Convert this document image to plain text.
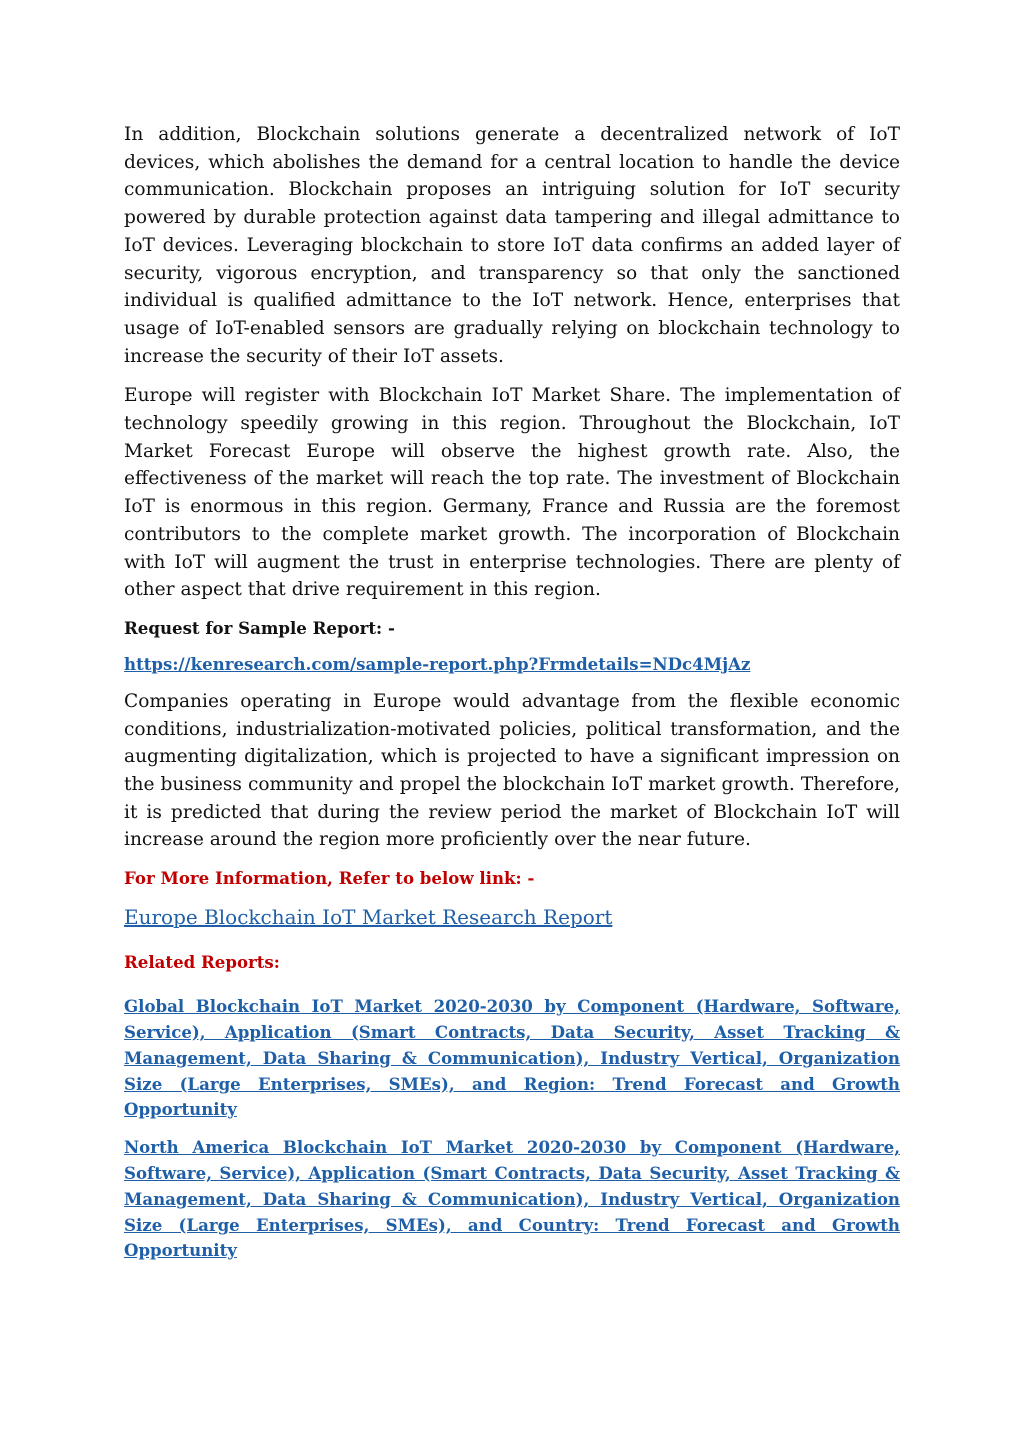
In addition, Blockchain solutions generate a decentralized network of IoT devices, which abolishes the demand for a central location to handle the device communication. Blockchain proposes an intriguing solution for IoT security powered by durable protection against data tampering and illegal admittance to IoT devices. Leveraging blockchain to store IoT data confirms an added layer of security, vigorous encryption, and transparency so that only the sanctioned individual is qualified admittance to the IoT network. Hence, enterprises that usage of IoT-enabled sensors are gradually relying on blockchain technology to increase the security of their IoT assets.

Europe will register with Blockchain IoT Market Share. The implementation of technology speedily growing in this region. Throughout the Blockchain, IoT Market Forecast Europe will observe the highest growth rate. Also, the effectiveness of the market will reach the top rate. The investment of Blockchain IoT is enormous in this region. Germany, France and Russia are the foremost contributors to the complete market growth. The incorporation of Blockchain with IoT will augment the trust in enterprise technologies. There are plenty of other aspect that drive requirement in this region.

Request for Sample Report: -
https://kenresearch.com/sample-report.php?Frmdetails=NDc4MjAz

Companies operating in Europe would advantage from the flexible economic conditions, industrialization-motivated policies, political transformation, and the augmenting digitalization, which is projected to have a significant impression on the business community and propel the blockchain IoT market growth. Therefore, it is predicted that during the review period the market of Blockchain IoT will increase around the region more proficiently over the near future.

For More Information, Refer to below link: -
Europe Blockchain IoT Market Research Report
Related Reports:
Global Blockchain IoT Market 2020-2030 by Component (Hardware, Software, Service), Application (Smart Contracts, Data Security, Asset Tracking & Management, Data Sharing & Communication), Industry Vertical, Organization Size (Large Enterprises, SMEs), and Region: Trend Forecast and Growth Opportunity
North America Blockchain IoT Market 2020-2030 by Component (Hardware, Software, Service), Application (Smart Contracts, Data Security, Asset Tracking & Management, Data Sharing & Communication), Industry Vertical, Organization Size (Large Enterprises, SMEs), and Country: Trend Forecast and Growth Opportunity
